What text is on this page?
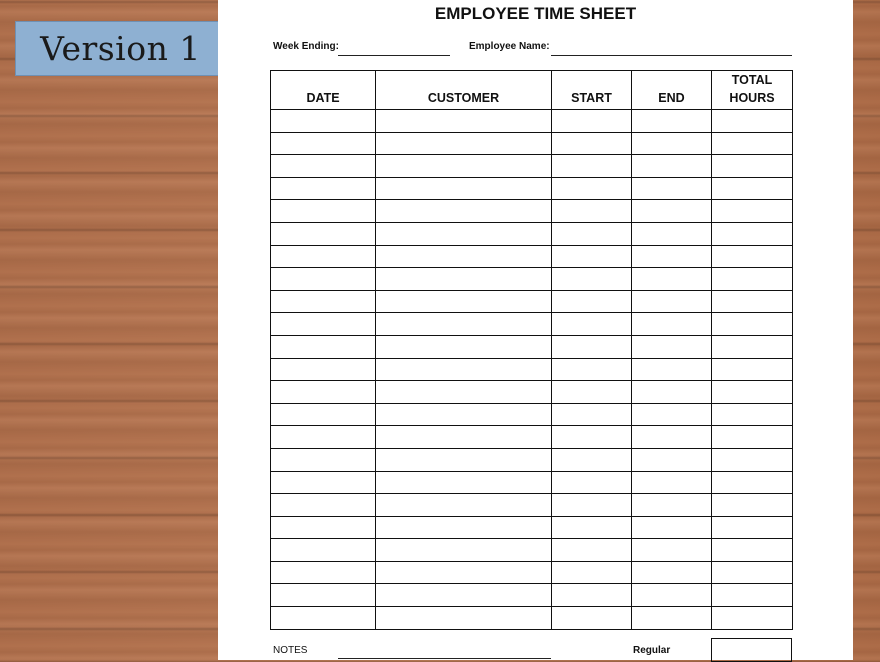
Version 1
EMPLOYEE TIME SHEET
Week Ending:	Employee Name:

DATE	CUSTOMER	START	END	TOTAL
HOURS

NOTES	Regular
